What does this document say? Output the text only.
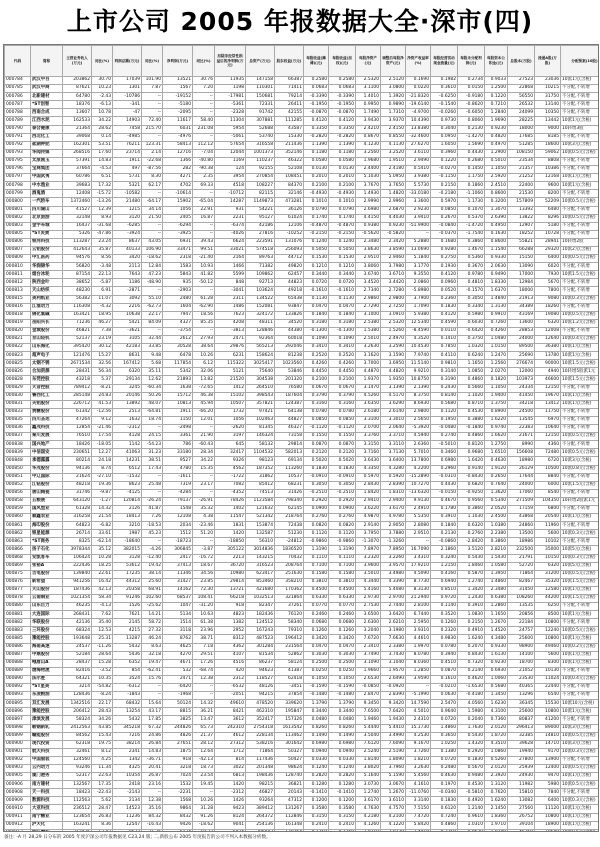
上市公司 2005 年报数据大全·深市(四)
代码	简称	主营业务收入(万元)	同比(%)	利润总额(万元)	同比(%)	净利润(万元)	同比(%)	扣除非经常性损益后的净利润(万元)	总资产(万元)	股东权益(万元)	每股收益(摊薄)(元)	每股收益(加权)(元)	每股净资产(元)	调整后每股净资产(元)	净资产收益率(%)	每股经营活动现金流量(元)	每股未分配利润(元)	每股资本公积金(元)	总股本(万股)	流通A股(万股)	分配预案(10股)
000784	武汉中百	203862	30.70	17039	101.90	13521	30.76	11935	147158	66387	0.2580	0.2580	2.5320	2.5120	0.1690	0.1982	0.2734	0.9033	27523	23036	10派1元(含税)
000785	武汉中商	87621	10.23	1301	7.87	1567	7.20	1198	110301	71411	0.0683	0.0683	3.1100	3.0800	0.0220	0.3610	0.0150	1.2500	22868	10215	不分配,不转增
000786	北新建材	64780	-2.43	-10786	--	-19152	--	-17981	150681	79214	-0.3390	-0.3390	1.4010	1.3920	-21.8320	-0.6250	-0.9180	0.1220	56550	31750	不分配,不转增
000787	*ST创智	18376	-6.13	-341	--	-5180	--	-5361	72331	26411	-0.1950	-0.1950	0.9950	0.9890	-19.6140	-0.1540	-0.8620	0.7210	26532	13140	不分配,不转增
000788	西南合成	13607	10.78	-47	--	-2095	--	-2328	91742	42155	-0.0870	-0.0870	1.7490	1.7310	-4.9700	-0.0260	-0.6050	1.2840	24099	10350	不分配,不转增
000789	江西水泥	162533	34.22	14903	72.40	11617	58.40	11304	307881	111285	0.4120	0.4120	3.9430	3.9370	10.4390	0.9730	0.8060	1.9690	28225	13442	10派1元(含税)
000790	泰合健康	21364	28.62	7458	215.70	6031	231.08	5954	52688	43587	0.3350	0.3350	2.4210	2.4150	13.8380	0.3040	0.2130	0.9230	18000	9000	10转增3股
000791	西北化工	39068	0.14	-4985	--	-4976	--	-5061	53740	15330	-0.2820	-0.2820	0.8670	0.8550	-32.4600	0.0950	-1.4270	0.4820	17685	8185	不分配,不转增
000792	盐湖钾肥	162301	53.51	76211	123.31	58413	112.12	57654	316558	211436	1.1390	1.1390	4.1230	4.1130	27.6270	1.6050	1.5690	0.4970	51285	18600	10派3元(含税)
000793	华闻传媒	268516	17.60	23714	2.14	12716	-7.04	12044	1001373	352146	0.1180	0.1180	3.2560	3.2520	3.6110	0.3960	0.4430	1.2900	108150	59062	10派0.5元(含税)
000795	太原刚玉	57391	14.83	1911	-22.68	1366	-40.80	1169	110237	46322	0.0580	0.0580	1.9680	1.9510	2.9490	0.1220	0.2680	0.5010	23534	8808	不分配,不转增
000796	宝商集团	37664	-4.53	497	-87.56	282	-90.38	124	92155	52108	0.0130	0.0130	2.4400	2.4180	0.5410	-0.0270	0.1450	1.1050	21357	10386	不分配,不转增
000797	中国武夷	60786	6.51	5731	8.30	4271	2.35	3954	270854	108451	0.2010	0.2010	5.1030	5.0950	3.9380	-0.1150	1.1750	2.5920	21252	12168	10派1元(含税)
000798	中水渔业	39683	17.32	5321	62.17	4702	69.33	4518	108227	84370	0.2100	0.2100	3.7670	3.7650	5.5730	0.2150	0.1860	2.4510	22400	9600	10派1元(含税)
000799	酒鬼酒	12408	-15.72	-10582	--	-10614	--	-10712	82115	32146	-0.4930	-0.4930	1.4930	1.4820	-33.0180	-0.2180	-1.1060	0.8600	21530	8200	不分配,不转增
000800	一汽轿车	1372460	-13.26	21480	-64.17	15902	-65.04	14287	1149873	473281	0.1010	0.1010	2.9990	2.9960	3.3600	0.5970	1.1730	0.3200	157809	52209	10派0.5元(含税)
000801	四川湖山	41527	12.39	1215	34.14	1056	22.91	931	54221	36126	0.0790	0.0790	2.6980	2.6870	2.9230	0.0850	0.1070	1.3070	13392	6480	不分配,不转增
000802	北京旅游	32148	8.93	3120	21.50	2405	16.87	2231	95127	61024	0.1740	0.1740	4.4150	4.4030	3.9410	0.2670	0.5370	2.6390	13822	8296	10派0.5元(含税)
000803	金宇车城	16437	-31.68	-6285	--	-6294	--	-6374	42186	12106	-0.4870	-0.4870	0.9380	0.9230	-51.9900	-0.0840	-1.4720	0.4950	12907	5180	不分配,不转增
000805	*ST炎黄	5326	-47.86	-3924	--	-3925	--	-4026	27816	-10252	-0.2150	-0.2150	-0.5620	-0.5820	--	-0.0370	-1.7540	0.1630	18252	10728	不分配,不转增
000806	银河科技	113287	23.24	8637	43.05	6931	39.43	6624	223591	131076	0.1240	0.1240	2.3480	2.3420	5.2880	0.1680	0.3860	0.8600	55821	28941	10转增2股
000807	云铝股份	412643	35.87	40133	106.90	33471	99.51	33021	574518	256093	0.5050	0.5050	3.8630	3.8590	13.0690	0.9280	1.4670	1.1540	66288	29320	10派2元(含税)
000809	中汇医药	94576	8.56	3420	-18.62	2318	-21.40	2164	89763	44712	0.1530	0.1530	2.9510	2.9460	5.1840	0.2750	0.5360	0.9330	15150	6400	10派0.5元(含税)
000810	华润锦华	56820	-3.48	2113	12.84	1583	10.93	1466	71382	49820	0.1210	0.1210	3.8060	3.7980	3.1770	0.1930	0.3670	2.0630	13090	6020	不分配,不转增
000811	烟台冰轮	87154	22.13	7643	47.23	5843	41.82	5599	109862	62457	0.3440	0.3440	3.6740	3.6710	9.3550	0.4120	0.9780	0.9490	17000	7930	10派1.5元(含税)
000812	陕西金叶	38652	-5.87	1186	-48.90	935	-50.12	848	92713	44823	0.0720	0.0720	3.4520	3.4420	2.0860	0.0960	0.4810	1.8330	12984	5670	不分配,不转增
000813	天山纺织	48230	6.91	-2871	--	-2903	--	-3041	103624	49218	-0.1610	-0.1610	2.7340	2.7280	-5.8980	0.0520	-0.1570	1.6370	18000	7800	不分配,不转增
000815	美利纸业	56382	11.07	3092	55.10	2480	61.28	2311	134522	65438	0.1130	0.1130	2.9860	2.9800	3.7900	0.2360	0.3050	1.4840	21913	9080	10派0.3元(含税)
000816	江淮动力	116308	-4.32	2216	-62.73	1604	-62.90	1486	152081	93847	0.0470	0.0470	2.7290	2.7250	1.7090	0.1830	0.3340	1.3130	34389	18260	不分配,不转增
000818	锦化氯碱	163421	18.95	10638	22.17	7947	18.56	7623	324172	133826	0.1840	0.1840	3.1000	3.0910	5.9380	0.4120	0.5980	0.9910	43169	19080	10派0.5元(含税)
000819	岳阳兴长	71236	46.27	5421	84.09	4327	85.35	4208	48311	34520	0.3180	0.3180	2.5380	2.5320	12.5340	0.4590	0.6030	0.7260	13600	6320	10派1.2元(含税)
000820	金城股份	46821	7.38	-3621	--	-3754	--	-3813	128846	44380	-0.1300	-0.1300	1.5380	1.5260	-8.4590	0.0110	-0.6420	0.4260	28853	12008	不分配,不转增
000821	京山轻机	52137	23.19	3105	32.44	2612	27.93	2471	92364	60018	0.1090	0.1090	2.5010	2.4970	4.3520	0.1410	0.3750	1.0480	24000	12640	10派0.4元(含税)
000822	山东海化	395420	30.12	42183	33.85	30528	38.64	29876	565213	292046	0.3410	0.3410	3.2630	3.2590	10.4530	0.7850	1.0320	1.0150	89500	36380	10派1元(含税)
000823	超声电子	121476	15.27	8631	9.48	6478	10.26	6231	158624	81238	0.2520	0.2520	3.1620	3.1590	7.9740	0.4110	0.6240	1.2470	25690	13780	10派1元(含税)
000825	太钢不锈	2671534	32.56	167412	5.68	117854	6.12	115322	3025417	1023560	0.4260	0.4260	3.7000	3.6950	11.5140	0.9810	1.1650	1.2560	276674	90000	10派1.5元(含税)
000826	合加资源	28431	56.34	6320	35.11	5342	32.06	5121	75640	53846	0.4450	0.4450	4.4870	4.4820	9.9210	0.3140	1.0850	2.0270	12000	4940	10转增5股派1元
000828	东莞控股	43218	5.37	29134	12.62	21893	13.82	21520	304538	201320	0.2100	0.2100	1.9370	1.9350	10.8750	0.3190	0.4860	0.1820	103973	46600	10派1.5元(含税)
000829	天音控股	789412	-8.21	3245	-60.34	1638	-72.65	1412	264510	76580	0.0670	0.0670	3.1470	3.1390	2.1390	0.2430	0.5660	1.1050	24334	12150	不分配,不转增
000830	鲁西化工	285148	24.83	20146	50.26	15712	46.38	15102	398543	187604	0.3790	0.3790	4.5260	4.5170	8.3750	0.8140	1.1020	1.9400	41450	19670	10派1元(含税)
000831	关铝股份	226712	41.53	13892	48.07	10813	45.94	10507	357821	124387	0.3160	0.3160	3.6350	3.6290	8.6930	0.5680	0.8710	1.3750	34218	13412	10派1元(含税)
000833	贵糖股份	61342	-12.56	2513	-64.81	1911	-66.20	1732	97421	64138	0.0780	0.0780	2.6180	2.6140	2.9800	0.1120	0.4530	0.8900	24500	11750	不分配,不转增
000835	四川圣达	47264	9.12	1632	18.74	1150	12.01	1056	102463	44827	0.0850	0.0850	3.3100	3.3010	2.5650	0.1950	0.3880	1.6220	13545	6970	不分配,不转增
000836	鑫茂科技	12854	-21.46	-2312	--	-2498	--	-2620	81345	46327	-0.1120	-0.1120	2.0700	2.0640	-5.3920	-0.0480	-0.1840	0.9740	22383	10640	不分配,不转增
000837	秦川发展	76510	17.54	4128	24.15	3361	21.90	3197	146324	73158	0.1550	0.1550	3.3760	3.3710	4.5940	0.2740	0.4860	1.6620	21671	12150	10派0.5元(含税)
000838	国兴地产	18426	-18.05	1142	-54.23	786	-60.43	645	58132	29814	0.0870	0.0870	3.3150	3.3110	2.6360	-0.5010	0.8120	1.2750	8990	4360	不分配,不转增
000839	中信国安	230651	12.27	41063	31.23	33180	28.34	32417	1104532	582013	0.2120	0.2120	3.7160	3.7130	5.7010	0.3460	0.9680	1.6510	156608	72480	10派0.5元(含税)
000848	承德露露	80214	24.18	14231	38.51	9527	34.22	9326	98123	69134	0.5020	0.5020	3.6430	3.6400	13.7800	0.6980	1.6420	0.4630	18980	6720	10派3元(含税)
000850	华茂股份	94136	8.74	6512	17.43	4780	15.35	4562	187352	113260	0.1830	0.1830	4.3350	4.3280	4.2200	0.2960	0.9140	1.9120	26129	10500	10派0.8元(含税)
000851	中辽国际	21624	-27.10	-1532	--	-1611	--	-1722	31862	10537	-0.0910	-0.0910	0.5970	0.5920	-15.2890	-0.0310	-0.8430	0.2650	17644	8840	不分配,不转增
000852	江钻股份	48218	19.36	8623	25.48	7319	23.17	7082	85412	68231	0.3050	0.3050	2.8430	2.8390	10.7270	0.4430	0.6820	0.7640	24000	6000	10派1.5元(含税)
000856	唐山陶瓷	31746	-9.87	-4125	--	-4284	--	-4352	74513	31426	-0.2510	-0.2510	1.8420	1.8310	-13.6320	-0.0150	-0.9250	1.3620	17060	8540	不分配,不转增
000858	五粮液	643120	-1.27	120814	-26.24	79137	-26.91	78426	1123584	798340	0.2920	0.2920	2.9410	2.9400	9.9130	0.4670	0.9560	0.5340	271509	104350	10转增2股派1元
000859	国风塑业	61328	14.32	2126	41.87	1548	35.32	1402	121632	62145	0.0900	0.0900	3.6220	3.6170	2.4910	0.1780	0.3860	2.0520	17159	6800	不分配,不转增
000860	顺鑫农业	316258	21.54	18413	7.26	12108	4.38	11547	521342	218764	0.2760	0.2760	4.9870	4.9780	5.5350	0.3910	1.1030	2.4500	43868	20540	10派1元(含税)
000861	海印股份	64823	-6.82	3210	-18.53	2034	-23.46	1831	153874	72438	0.0820	0.0820	2.9140	2.9050	2.8080	0.1840	0.6320	1.0380	24860	11960	不分配,不转增
000862	银星能源	26714	33.61	1987	45.23	1512	51.20	1420	132587	51230	0.1120	0.1120	3.7950	3.7880	2.9510	0.2130	0.2760	2.2380	13500	5600	10派0.3元(含税)
000863	*ST商务	8325	-62.14	-18640	--	-18723	--	-18850	56310	-24812	-0.9860	-0.9860	-1.3070	-1.3260	--	-0.0860	-2.8420	0.3860	18986	10102	不分配,不转增
000866	扬子石化	3978344	35.12	382015	-4.26	306845	-3.87	305122	3014836	1836520	1.3190	1.3190	7.8970	7.8950	16.7090	2.1860	3.5120	2.8210	232500	35000	10派5元(含税)
000868	安凯客车	106424	10.28	3128	-12.40	2417	-16.72	2213	143215	70432	0.1110	0.1110	3.2320	3.2260	3.4310	0.3240	0.5430	1.5430	21791	10150	10派0.3元(含税)
000869	张裕A	222436	18.25	53612	19.42	37413	18.67	36720	316523	208764	0.7100	0.7100	3.9600	3.9570	17.9210	1.2150	1.8460	1.0580	52720	6320	10派5元(含税)
000875	吉电股份	139840	22.61	17235	38.14	11346	34.56	10980	623417	251630	0.1580	0.1580	3.5010	3.4980	4.5090	0.4160	0.5870	1.3950	71864	31200	10派0.5元(含税)
000876	新希望	941256	16.42	44312	25.60	31427	23.85	29814	853460	358210	0.3810	0.3810	4.3440	4.3390	8.7730	0.6940	1.2740	1.4860	82467	35320	10派1.5元(含税)
000877	天山股份	187436	42.13	20358	68.91	14162	72.30	13721	421680	170362	0.4500	0.4500	5.4160	5.4080	8.3130	0.8510	1.3420	2.3480	31450	12580	10派1元(含税)
000878	云南铜业	1021354	58.34	91246	102.60	68537	108.41	66218	1032513	321864	0.6330	0.6330	2.9730	2.9700	21.2940	0.9720	1.2430	0.6380	108260	44200	10派1.5元(含税)
000880	山东巨力	46235	-4.13	1526	-25.62	1047	-31.20	918	82347	37261	0.0770	0.0770	2.7530	2.7440	2.8100	0.1140	0.3910	1.2860	13535	6250	不分配,不转增
000881	大连国际	268431	7.62	7621	14.21	5134	10.63	4823	182436	76120	0.2460	0.2460	3.6500	3.6420	6.7440	0.3520	1.0830	1.1650	20856	8500	10派1元(含税)
000882	华联股份	42136	35.40	2145	58.72	1514	61.38	1382	124512	58340	0.0680	0.0680	2.6300	2.6210	2.5950	0.1260	0.2150	1.2670	22184	10800	不分配,不转增
000883	三环股份	68324	12.53	4215	27.32	3118	23.96	2952	167243	79310	0.1260	0.1260	3.2040	3.1980	3.9310	0.2320	0.4910	1.4520	24757	12240	10派0.5元(含税)
000885	豫能控股	193648	25.31	13287	46.24	8762	38.71	8312	487523	196412	0.3420	0.3420	7.6720	7.6630	4.4610	0.9830	1.6240	4.3480	25600	10800	10派1元(含税)
000886	海南高速	24537	-11.26	5432	8.63	4625	7.18	4362	301284	231564	0.0470	0.0470	2.3410	2.3380	1.9970	0.0780	0.2070	0.9330	98900	49460	10派0.2元(含税)
000887	中鼎股份	52184	28.64	5436	32.18	4270	29.51	4107	81534	52862	0.3030	0.3030	3.7490	3.7430	8.0780	0.3940	0.8430	1.6130	14100	5600	10派1元(含税)
000888	峨眉山A	28437	15.28	6352	19.47	4671	17.26	4516	86237	58124	0.2500	0.2500	3.1090	3.1040	8.0360	0.4510	0.7320	0.9230	18700	8300	10派1元(含税)
000889	渤海物流	82416	-3.52	854	-62.41	532	-68.74	420	94623	41387	0.0250	0.0250	1.9660	1.9570	1.2850	0.0870	0.2140	0.6930	21052	10130	不分配,不转增
000890	法尔胜	64321	10.35	3524	15.76	2471	12.38	2312	118527	62418	0.1050	0.1050	2.6530	2.6490	3.9590	0.1610	0.4620	1.0060	23530	11024	10派0.4元(含税)
000892	*ST星美	3214	-54.82	-6312	--	-6420	--	-6532	48126	-3451	-0.1590	-0.1590	-0.0850	-0.0920	--	-0.0210	-1.6530	0.5680	40365	22440	不分配,不转增
000893	东凌粮油	128436	-8.24	-1843	--	-1968	--	-2051	94215	37854	-0.1480	-0.1480	2.8470	2.8390	-5.1990	0.0630	-0.4180	1.3450	13296	6540	不分配,不转增
000895	双汇发展	1342516	22.17	68432	15.64	50124	14.32	49610	478520	339620	1.3790	1.3790	9.3450	9.3420	14.7590	2.5470	4.0560	1.6230	36345	15530	10派10元(含税)
000896	豫能控股	206412	28.43	13254	43.17	8815	36.21	8421	462310	195847	0.3440	0.3440	7.6500	7.6420	4.5010	0.9640	1.5980	4.3100	25600	10800	10派1元(含税)
000897	津滨发展	58324	34.26	5432	17.85	3825	13.47	3612	352417	157326	0.0480	0.0480	1.9460	1.9430	2.4310	0.0720	0.2040	0.7360	80837	41200	不分配,不转增
000898	鞍钢新轧	2412563	43.85	345218	67.32	244826	65.73	242310	2754318	1613542	0.8260	0.8260	5.4440	5.4410	15.1730	1.4860	1.7630	2.0120	296413	89000	10派3元(含税)
000899	赣能股份	84562	15.43	7216	24.86	4826	21.37	4612	228134	113462	0.1490	0.1490	3.5040	3.4990	4.2530	0.3650	0.5430	1.8720	32385	14810	10派0.5元(含税)
000900	现代投资	62318	19.75	38214	26.84	27651	28.12	27312	538216	301642	0.6980	0.6980	7.6120	7.6090	9.1670	1.0250	1.4320	4.3510	39628	14710	10派3元(含税)
000901	航天科技	32461	8.12	2341	14.83	1875	12.64	1712	71864	50327	0.0940	0.0940	2.5240	2.5190	3.7260	0.1380	0.2920	1.0860	19940	9170	10派0.3元(含税)
000902	中国服装	124560	4.25	1342	-36.71	918	-42.13	814	117436	50427	0.0330	0.0330	1.8140	1.8090	1.8210	0.0720	0.1830	0.5260	27800	13900	不分配,不转增
000903	云内动力	93246	11.34	4325	20.41	3218	18.73	3022	201348	98624	0.1240	0.1240	3.8020	3.7960	3.2630	0.2480	0.5670	2.0120	25939	12400	10派0.5元(含税)
000905	厦门港务	52317	22.63	10354	26.87	7024	23.54	6813	198436	128740	0.2820	0.2820	5.1640	5.1590	5.4560	0.4630	0.9480	2.3920	24930	9470	10派1元(含税)
000906	南方建材	132567	17.35	2418	23.16	1532	19.45	1420	98215	36821	0.1280	0.1280	3.0730	3.0670	4.1610	0.1970	0.4530	1.3120	11982	5980	10派0.5元(含税)
000908	天一科技	18423	-22.43	-2143	--	-2231	--	-2312	46827	20143	-0.1410	-0.1410	1.2740	1.2670	-11.0760	-0.0340	-0.5810	0.7620	15810	7840	不分配,不转增
000909	数源科技	112563	5.62	2134	12.38	1568	10.26	1426	93264	47312	0.1200	0.1200	3.6170	3.6110	3.3140	0.1830	0.4920	1.6240	13082	6400	10派0.3元(含税)
000910	大亚科技	236512	28.47	14523	35.16	9864	31.28	9423	389412	131267	0.3580	0.3580	4.7630	4.7570	7.5150	0.6120	1.2140	2.1450	27560	11120	10派1元(含税)
000911	南宁糖业	123654	26.83	11236	84.32	8432	91.26	8124	264372	112846	0.3150	0.3150	4.2180	4.2100	7.4720	0.7240	0.9610	1.8360	26752	10800	10派1元(含税)
000912	泸天化	163241	8.36	12547	-16.43	9426	-18.62	9041	254136	161348	0.2410	0.2410	4.1260	4.1220	5.8420	0.4860	1.0310	1.9710	39104	18900	10派1元(含税)

备注: -A 月 28,29 日分布的 2005 年度沪深公司年报数据见 C23,24 版; 二,新股公布 2005 年度报告的公司不列入本数据分析数。
